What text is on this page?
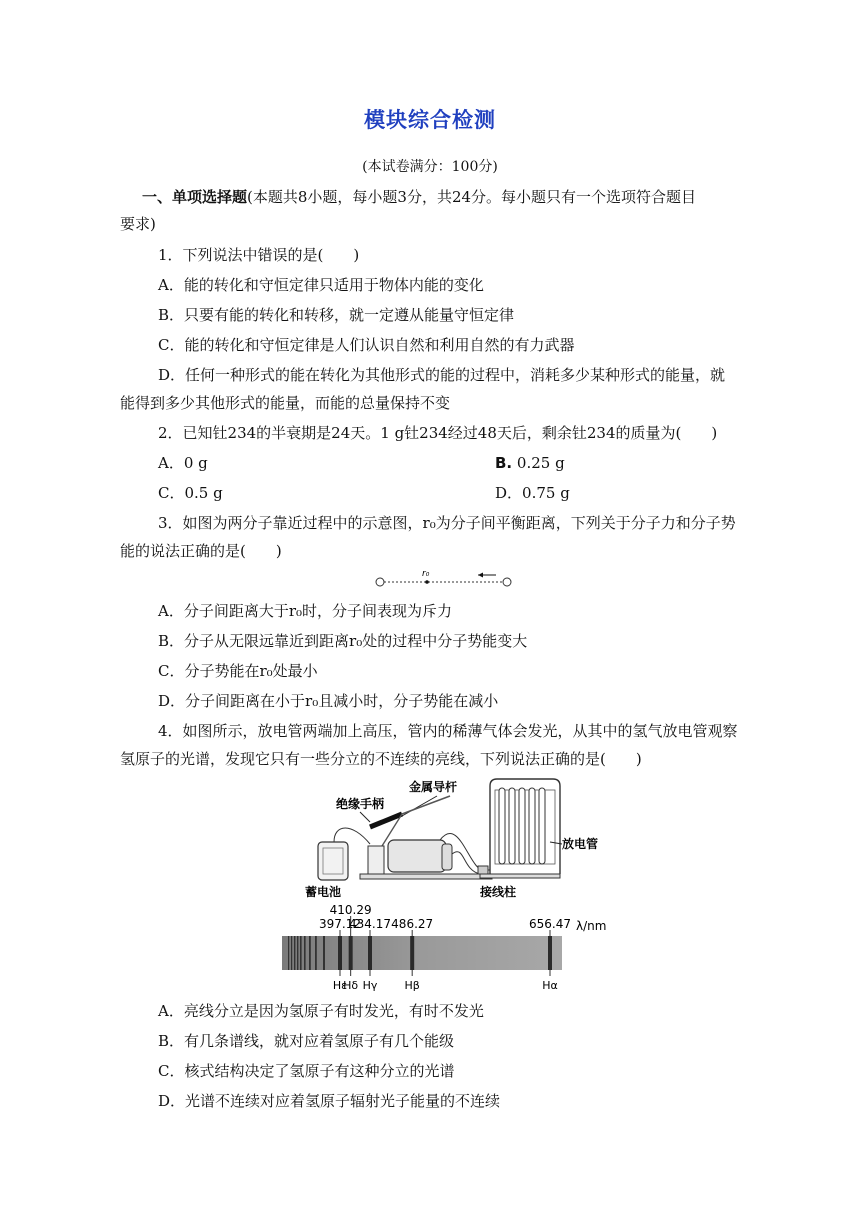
模块综合检测
(本试卷满分：100分)
一、单项选择题(本题共8小题，每小题3分，共24分。每小题只有一个选项符合题目
要求)
1．下列说法中错误的是(　　)
A．能的转化和守恒定律只适用于物体内能的变化
B．只要有能的转化和转移，就一定遵从能量守恒定律
C．能的转化和守恒定律是人们认识自然和利用自然的有力武器
D．任何一种形式的能在转化为其他形式的能的过程中，消耗多少某种形式的能量，就
能得到多少其他形式的能量，而能的总量保持不变
2．已知钍234的半衰期是24天。1 g钍234经过48天后，剩余钍234的质量为(　　)
A．0 g	B. 0.25 g
C．0.5 g	D．0.75 g
3．如图为两分子靠近过程中的示意图，r₀为分子间平衡距离，下列关于分子力和分子势
能的说法正确的是(　　)
r₀
A．分子间距离大于r₀时，分子间表现为斥力
B．分子从无限远靠近到距离r₀处的过程中分子势能变大
C．分子势能在r₀处最小
D．分子间距离在小于r₀且减小时，分子势能在减小
4．如图所示，放电管两端加上高压，管内的稀薄气体会发光，从其中的氢气放电管观察
氢原子的光谱，发现它只有一些分立的不连续的亮线，下列说法正确的是(　　)
金属导杆
绝缘手柄
蓄电池	接线柱
放电管
397.12
Hε
410.29
Hδ
434.17
Hγ
486.27
Hβ
656.47
Hα
λ/nm
A．亮线分立是因为氢原子有时发光，有时不发光
B．有几条谱线，就对应着氢原子有几个能级
C．核式结构决定了氢原子有这种分立的光谱
D．光谱不连续对应着氢原子辐射光子能量的不连续
